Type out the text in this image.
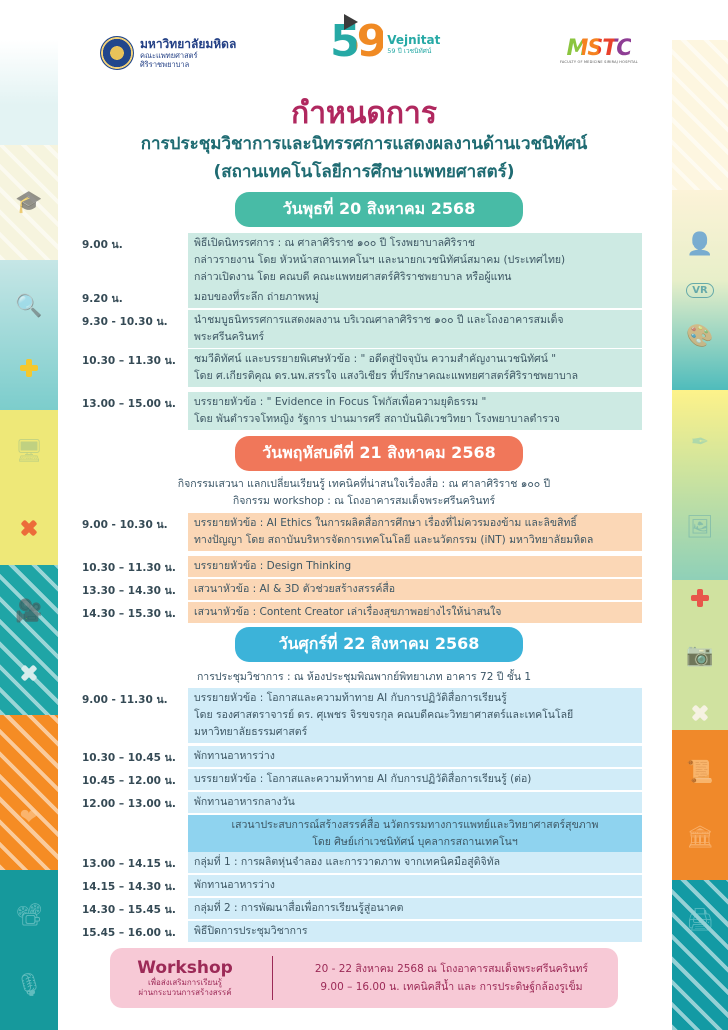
🎓
🔍
🖥
🎥
❤
📽
🎙
👤
VR
🎨
✒
🖼
📷
📜
🏛
🖨
มหาวิทยาลัยมหิดล
คณะแพทยศาสตร์
ศิริราชพยาบาล	59 Vejnitat
59 ปี เวชนิทัศน์	MSTC
FACULTY OF MEDICINE SIRIRAJ HOSPITAL
กำหนดการ
การประชุมวิชาการและนิทรรศการแสดงผลงานด้านเวชนิทัศน์
(สถานเทคโนโลยีการศึกษาแพทยศาสตร์)
วันพุธที่ 20 สิงหาคม 2568
9.00 น.	พิธีเปิดนิทรรศการ : ณ ศาลาศิริราช ๑๐๐ ปี โรงพยาบาลศิริราช
กล่าวรายงาน โดย หัวหน้าสถานเทคโนฯ และนายกเวชนิทัศน์สมาคม (ประเทศไทย)
กล่าวเปิดงาน โดย คณบดี คณะแพทยศาสตร์ศิริราชพยาบาล หรือผู้แทน
9.20 น.	มอบของที่ระลึก ถ่ายภาพหมู่
9.30 - 10.30 น.	นำชมบูธนิทรรศการแสดงผลงาน บริเวณศาลาศิริราช ๑๐๐ ปี และโถงอาคารสมเด็จ
พระศรีนครินทร์
10.30 – 11.30 น.	ชมวีดิทัศน์ และบรรยายพิเศษหัวข้อ : " อดีตสู่ปัจจุบัน ความสำคัญงานเวชนิทัศน์ "
โดย ศ.เกียรติคุณ ดร.นพ.สรรใจ แสงวิเชียร ที่ปรึกษาคณะแพทยศาสตร์ศิริราชพยาบาล
13.00 – 15.00 น.	บรรยายหัวข้อ : " Evidence in Focus โฟกัสเพื่อความยุติธรรม "
โดย พันตำรวจโทหญิง รัฐการ ปานมารศรี สถาบันนิติเวชวิทยา โรงพยาบาลตำรวจ
วันพฤหัสบดีที่ 21 สิงหาคม 2568
กิจกรรมเสวนา แลกเปลี่ยนเรียนรู้ เทคนิคที่น่าสนใจเรื่องสื่อ : ณ ศาลาศิริราช ๑๐๐ ปี
กิจกรรม workshop : ณ โถงอาคารสมเด็จพระศรีนครินทร์
9.00 - 10.30 น.	บรรยายหัวข้อ : AI Ethics ในการผลิตสื่อการศึกษา เรื่องที่ไม่ควรมองข้าม และลิขสิทธิ์
ทางปัญญา โดย สถาบันบริหารจัดการเทคโนโลยี และนวัตกรรม (iNT) มหาวิทยาลัยมหิดล
10.30 – 11.30 น.	บรรยายหัวข้อ : Design Thinking
13.30 – 14.30 น.	เสวนาหัวข้อ : AI & 3D ตัวช่วยสร้างสรรค์สื่อ
14.30 – 15.30 น.	เสวนาหัวข้อ : Content Creator เล่าเรื่องสุขภาพอย่างไรให้น่าสนใจ
วันศุกร์ที่ 22 สิงหาคม 2568
การประชุมวิชาการ : ณ ห้องประชุมพิณพากย์พิทยาเภท อาคาร 72 ปี ชั้น 1
9.00 - 11.30 น.	บรรยายหัวข้อ : โอกาสและความท้าทาย AI กับการปฏิวัติสื่อการเรียนรู้
โดย รองศาสตราจารย์ ดร. ศุเพชร จิรขจรกุล คณบดีคณะวิทยาศาสตร์และเทคโนโลยี
มหาวิทยาลัยธรรมศาสตร์
10.30 – 10.45 น.	พักทานอาหารว่าง
10.45 – 12.00 น.	บรรยายหัวข้อ : โอกาสและความท้าทาย AI กับการปฏิวัติสื่อการเรียนรู้ (ต่อ)
12.00 – 13.00 น.	พักทานอาหารกลางวัน
เสวนาประสบการณ์สร้างสรรค์สื่อ นวัตกรรมทางการแพทย์และวิทยาศาสตร์สุขภาพ
โดย ศิษย์เก่าเวชนิทัศน์ บุคลากรสถานเทคโนฯ
13.00 – 14.15 น.	กลุ่มที่ 1 : การผลิตหุ่นจำลอง และการวาดภาพ จากเทคนิคมือสู่ดิจิทัล
14.15 – 14.30 น.	พักทานอาหารว่าง
14.30 – 15.45 น.	กลุ่มที่ 2 : การพัฒนาสื่อเพื่อการเรียนรู้สู่อนาคต
15.45 – 16.00 น.	พิธีปิดการประชุมวิชาการ
Workshop
เพื่อส่งเสริมการเรียนรู้
ผ่านกระบวนการสร้างสรรค์
20 - 22 สิงหาคม 2568 ณ โถงอาคารสมเด็จพระศรีนครินทร์
9.00 – 16.00 น. เทคนิคสีน้ำ และ การประดิษฐ์กล้องรูเข็ม
